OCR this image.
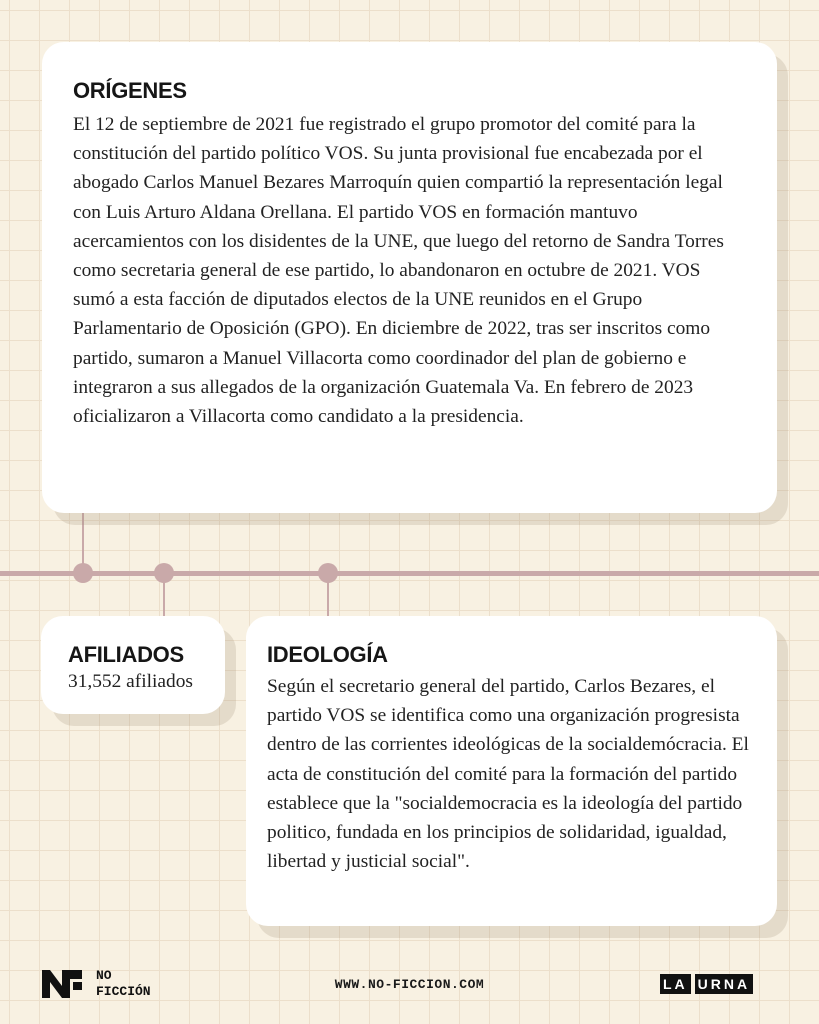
ORÍGENES

El 12 de septiembre de 2021 fue registrado el grupo promotor del comité para la constitución del partido político VOS. Su junta provisional fue encabezada por el abogado Carlos Manuel Bezares Marroquín quien compartió la representación legal con Luis Arturo Aldana Orellana. El partido VOS en formación mantuvo acercamientos con los disidentes de la UNE, que luego del retorno de Sandra Torres como secretaria general de ese partido, lo abandonaron en octubre de 2021. VOS sumó a esta facción de diputados electos de la UNE reunidos en el Grupo Parlamentario de Oposición (GPO). En diciembre de 2022, tras ser inscritos como partido, sumaron a Manuel Villacorta como coordinador del plan de gobierno e integraron a sus allegados de la organización Guatemala Va. En febrero de 2023 oficializaron a Villacorta como candidato a la presidencia.

AFILIADOS

31,552 afiliados

IDEOLOGÍA

Según el secretario general del partido, Carlos Bezares, el partido VOS se identifica como una organización progresista dentro de las corrientes ideológicas de la socialdemócracia. El acta de constitución del comité para la formación del partido establece que la "socialdemocracia es la ideología del partido politico, fundada en los principios de solidaridad, igualdad, libertad y justicial social".

NO
FICCIÓN	WWW.NO-FICCION.COM	LA URNA
